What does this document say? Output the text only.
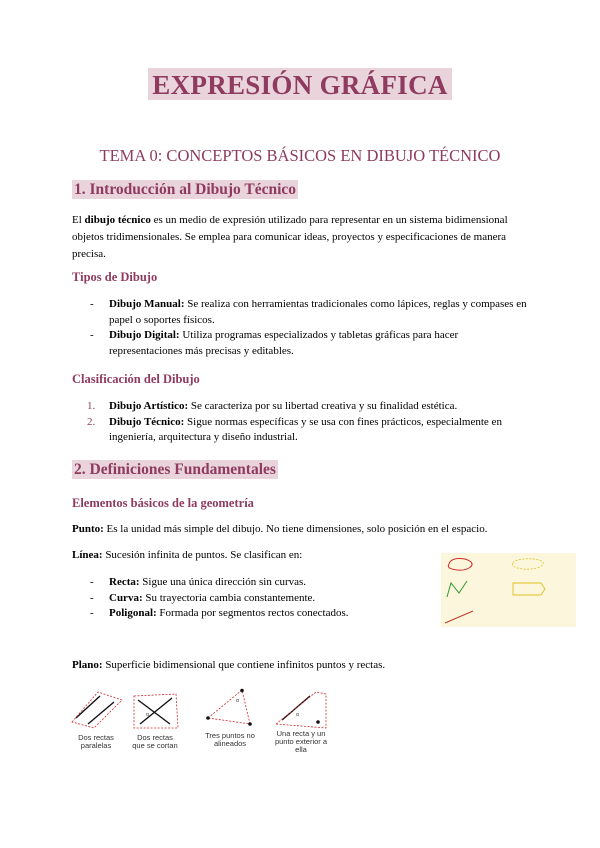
EXPRESIÓN GRÁFICA
TEMA 0: CONCEPTOS BÁSICOS EN DIBUJO TÉCNICO
1. Introducción al Dibujo Técnico
El dibujo técnico es un medio de expresión utilizado para representar en un sistema bidimensional objetos tridimensionales. Se emplea para comunicar ideas, proyectos y especificaciones de manera precisa.
Tipos de Dibujo
- Dibujo Manual: Se realiza con herramientas tradicionales como lápices, reglas y compases en papel o soportes físicos.
- Dibujo Digital: Utiliza programas especializados y tabletas gráficas para hacer representaciones más precisas y editables.
Clasificación del Dibujo
1. Dibujo Artístico: Se caracteriza por su libertad creativa y su finalidad estética.
2. Dibujo Técnico: Sigue normas específicas y se usa con fines prácticos, especialmente en ingeniería, arquitectura y diseño industrial.
2. Definiciones Fundamentales
Elementos básicos de la geometría
Punto: Es la unidad más simple del dibujo. No tiene dimensiones, solo posición en el espacio.
Línea: Sucesión infinita de puntos. Se clasifican en:
- Recta: Sigue una única dirección sin curvas.
- Curva: Su trayectoria cambia constantemente.
- Poligonal: Formada por segmentos rectos conectados.
Plano: Superficie bidimensional que contiene infinitos puntos y rectas.
α
α
α
Dos rectas paralelas
Dos rectas que se cortan
Tres puntos no alineados
Una recta y un punto exterior a ella
